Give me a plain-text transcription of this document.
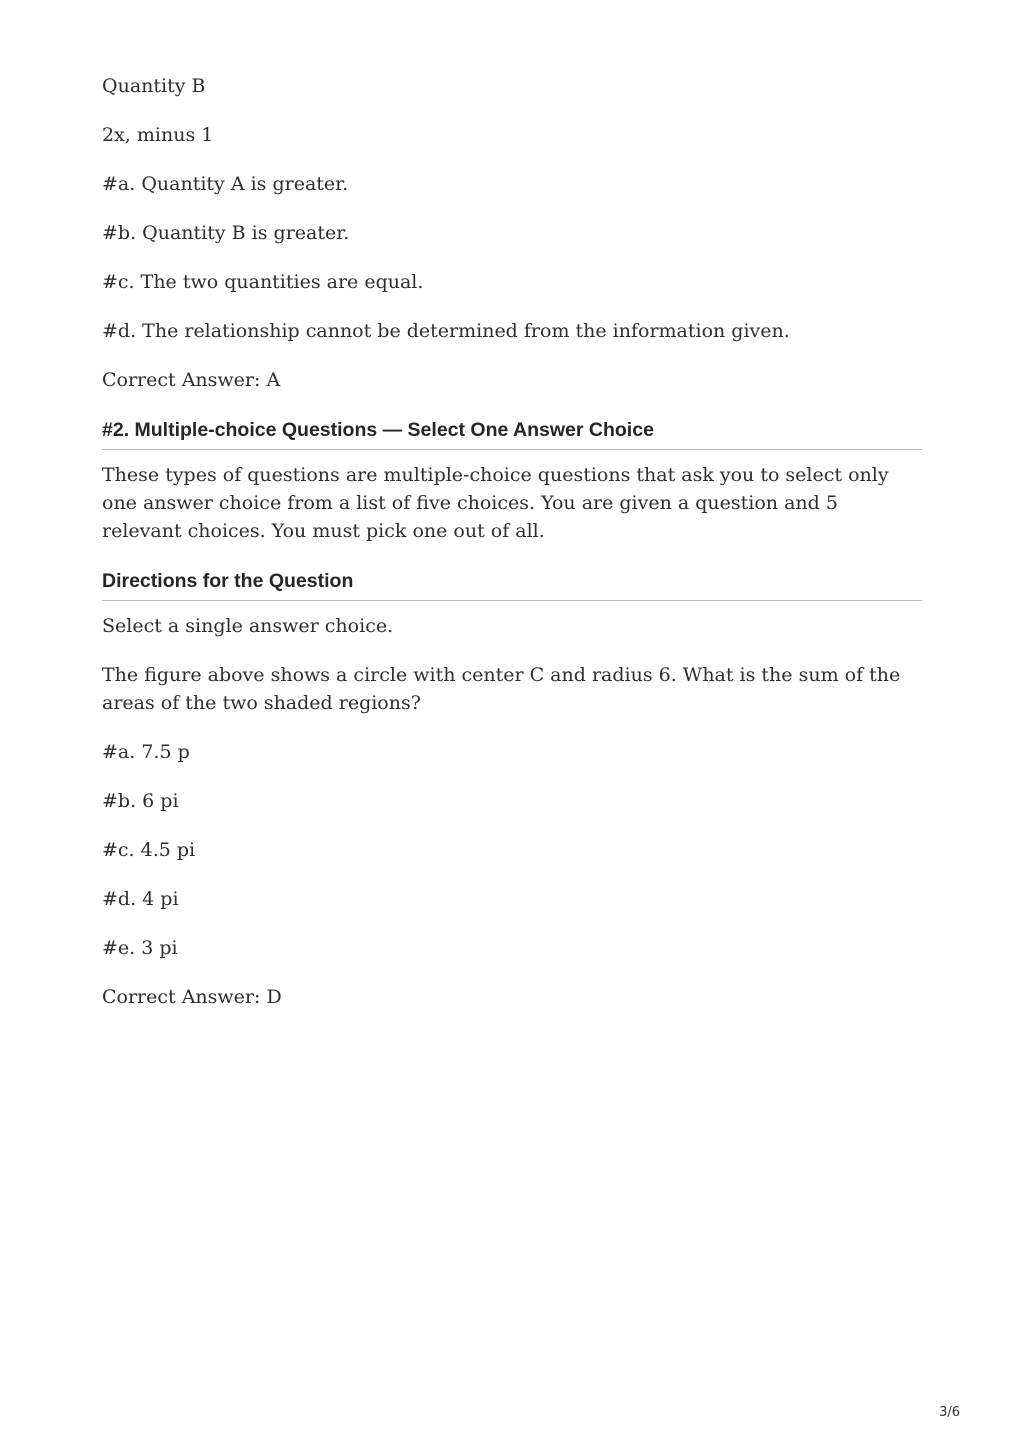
Quantity B

2x, minus 1

#a. Quantity A is greater.

#b. Quantity B is greater.

#c. The two quantities are equal.

#d. The relationship cannot be determined from the information given.

Correct Answer: A

#2. Multiple-choice Questions — Select One Answer Choice

These types of questions are multiple-choice questions that ask you to select only one answer choice from a list of five choices. You are given a question and 5 relevant choices. You must pick one out of all.

Directions for the Question

Select a single answer choice.

The figure above shows a circle with center C and radius 6. What is the sum of the areas of the two shaded regions?

#a. 7.5 p

#b. 6 pi

#c. 4.5 pi

#d. 4 pi

#e. 3 pi

Correct Answer: D

3/6
